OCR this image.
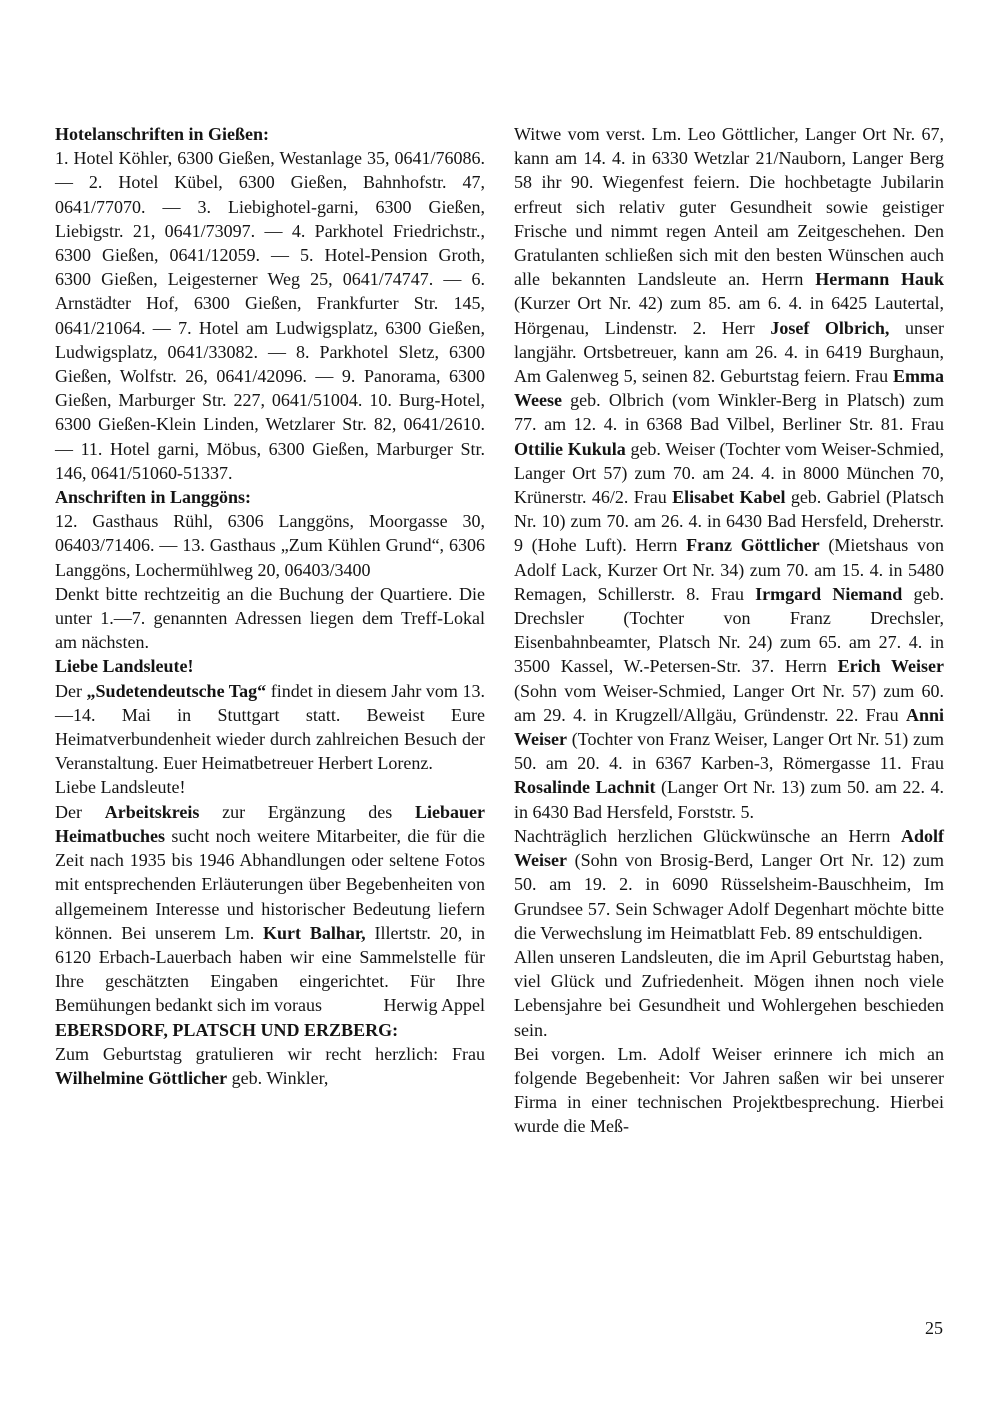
Hotelanschriften in Gießen:

1. Hotel Köhler, 6300 Gießen, Westanlage 35, 0641/76086. — 2. Hotel Kübel, 6300 Gießen, Bahnhofstr. 47, 0641/77070. — 3. Liebighotel-garni, 6300 Gießen, Liebigstr. 21, 0641/73097. — 4. Parkhotel Friedrichstr., 6300 Gießen, 0641/12059. — 5. Hotel-Pension Groth, 6300 Gießen, Leigesterner Weg 25, 0641/74747. — 6. Arnstädter Hof, 6300 Gießen, Frankfurter Str. 145, 0641/21064. — 7. Hotel am Ludwigsplatz, 6300 Gießen, Ludwigsplatz, 0641/33082. — 8. Parkhotel Sletz, 6300 Gießen, Wolfstr. 26, 0641/42096. — 9. Panorama, 6300 Gießen, Marburger Str. 227, 0641/51004. 10. Burg-Hotel, 6300 Gießen-Klein Linden, Wetzlarer Str. 82, 0641/2610. — 11. Hotel garni, Möbus, 6300 Gießen, Marburger Str. 146, 0641/51060-51337.

Anschriften in Langgöns:

12. Gasthaus Rühl, 6306 Langgöns, Moorgasse 30, 06403/71406. — 13. Gasthaus „Zum Kühlen Grund“, 6306 Langgöns, Lochermühlweg 20, 06403/3400

Denkt bitte rechtzeitig an die Buchung der Quartiere. Die unter 1.—7. genannten Adressen liegen dem Treff-Lokal am nächsten.

Liebe Landsleute!

Der „Sudetendeutsche Tag“ findet in diesem Jahr vom 13.—14. Mai in Stuttgart statt. Beweist Eure Heimatverbundenheit wieder durch zahlreichen Besuch der Veranstaltung. Euer Heimatbetreuer Herbert Lorenz.

Liebe Landsleute!

Der Arbeitskreis zur Ergänzung des Liebauer Heimatbuches sucht noch weitere Mitarbeiter, die für die Zeit nach 1935 bis 1946 Abhandlungen oder seltene Fotos mit entsprechenden Erläuterungen über Begebenheiten von allgemeinem Interesse und historischer Bedeutung liefern können. Bei unserem Lm. Kurt Balhar, Illertstr. 20, in 6120 Erbach-Lauerbach haben wir eine Sammelstelle für Ihre geschätzten Eingaben eingerichtet. Für Ihre Bemühungen bedankt sich im voraus	Herwig Appel

EBERSDORF, PLATSCH UND ERZBERG:

Zum Geburtstag gratulieren wir recht herzlich: Frau Wilhelmine Göttlicher geb. Winkler,

Witwe vom verst. Lm. Leo Göttlicher, Langer Ort Nr. 67, kann am 14. 4. in 6330 Wetzlar 21/Nauborn, Langer Berg 58 ihr 90. Wiegenfest feiern. Die hochbetagte Jubilarin erfreut sich relativ guter Gesundheit sowie geistiger Frische und nimmt regen Anteil am Zeitgeschehen. Den Gratulanten schließen sich mit den besten Wünschen auch alle bekannten Landsleute an. Herrn Hermann Hauk (Kurzer Ort Nr. 42) zum 85. am 6. 4. in 6425 Lautertal, Hörgenau, Lindenstr. 2. Herr Josef Olbrich, unser langjähr. Ortsbetreuer, kann am 26. 4. in 6419 Burghaun, Am Galenweg 5, seinen 82. Geburtstag feiern. Frau Emma Weese geb. Olbrich (vom Winkler-Berg in Platsch) zum 77. am 12. 4. in 6368 Bad Vilbel, Berliner Str. 81. Frau Ottilie Kukula geb. Weiser (Tochter vom Weiser-Schmied, Langer Ort 57) zum 70. am 24. 4. in 8000 München 70, Krünerstr. 46/2. Frau Elisabet Kabel geb. Gabriel (Platsch Nr. 10) zum 70. am 26. 4. in 6430 Bad Hersfeld, Dreherstr. 9 (Hohe Luft). Herrn Franz Göttlicher (Mietshaus von Adolf Lack, Kurzer Ort Nr. 34) zum 70. am 15. 4. in 5480 Remagen, Schillerstr. 8. Frau Irmgard Niemand geb. Drechsler (Tochter von Franz Drechsler, Eisenbahnbeamter, Platsch Nr. 24) zum 65. am 27. 4. in 3500 Kassel, W.-Petersen-Str. 37. Herrn Erich Weiser (Sohn vom Weiser-Schmied, Langer Ort Nr. 57) zum 60. am 29. 4. in Krugzell/Allgäu, Gründenstr. 22. Frau Anni Weiser (Tochter von Franz Weiser, Langer Ort Nr. 51) zum 50. am 20. 4. in 6367 Karben-3, Römergasse 11. Frau Rosalinde Lachnit (Langer Ort Nr. 13) zum 50. am 22. 4. in 6430 Bad Hersfeld, Forststr. 5.

Nachträglich herzlichen Glückwünsche an Herrn Adolf Weiser (Sohn von Brosig-Berd, Langer Ort Nr. 12) zum 50. am 19. 2. in 6090 Rüsselsheim-Bauschheim, Im Grundsee 57. Sein Schwager Adolf Degenhart möchte bitte die Verwechslung im Heimatblatt Feb. 89 entschuldigen.

Allen unseren Landsleuten, die im April Geburtstag haben, viel Glück und Zufriedenheit. Mögen ihnen noch viele Lebensjahre bei Gesundheit und Wohlergehen beschieden sein.

Bei vorgen. Lm. Adolf Weiser erinnere ich mich an folgende Begebenheit: Vor Jahren saßen wir bei unserer Firma in einer technischen Projektbesprechung. Hierbei wurde die Meß-

25
